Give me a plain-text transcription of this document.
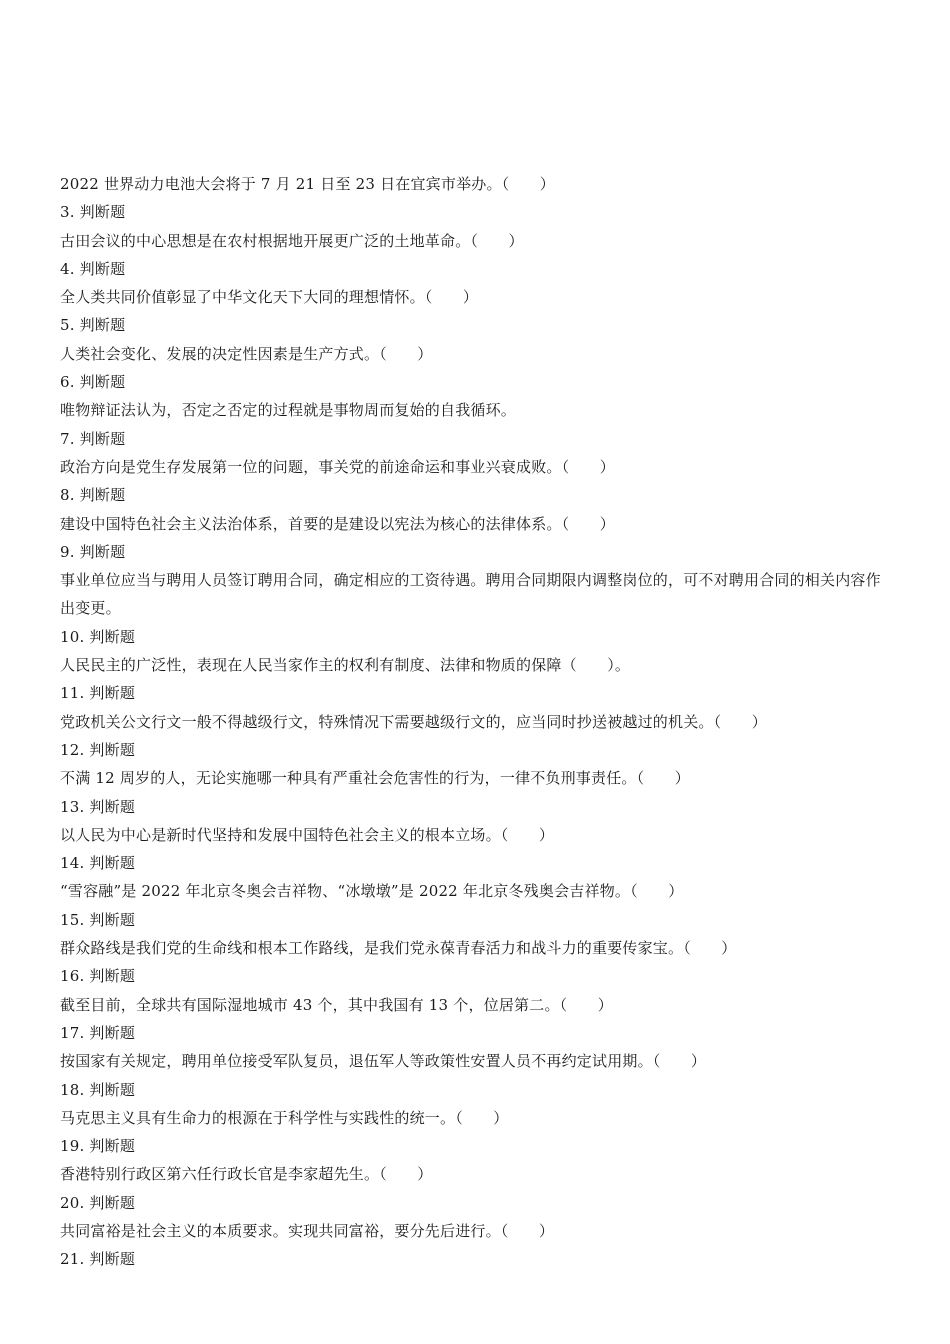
2022 世界动力电池大会将于 7 月 21 日至 23 日在宜宾市举办。（　　）
3. 判断题
古田会议的中心思想是在农村根据地开展更广泛的土地革命。（　　）
4. 判断题
全人类共同价值彰显了中华文化天下大同的理想情怀。（　　）
5. 判断题
人类社会变化、发展的决定性因素是生产方式。（　　）
6. 判断题
唯物辩证法认为，否定之否定的过程就是事物周而复始的自我循环。
7. 判断题
政治方向是党生存发展第一位的问题，事关党的前途命运和事业兴衰成败。（　　）
8. 判断题
建设中国特色社会主义法治体系，首要的是建设以宪法为核心的法律体系。（　　）
9. 判断题
事业单位应当与聘用人员签订聘用合同，确定相应的工资待遇。聘用合同期限内调整岗位的，可不对聘用合同的相关内容作出变更。
10. 判断题
人民民主的广泛性，表现在人民当家作主的权利有制度、法律和物质的保障（　　）。
11. 判断题
党政机关公文行文一般不得越级行文，特殊情况下需要越级行文的，应当同时抄送被越过的机关。（　　）
12. 判断题
不满 12 周岁的人，无论实施哪一种具有严重社会危害性的行为，一律不负刑事责任。（　　）
13. 判断题
以人民为中心是新时代坚持和发展中国特色社会主义的根本立场。（　　）
14. 判断题
“雪容融”是 2022 年北京冬奥会吉祥物、“冰墩墩”是 2022 年北京冬残奥会吉祥物。（　　）
15. 判断题
群众路线是我们党的生命线和根本工作路线，是我们党永葆青春活力和战斗力的重要传家宝。（　　）
16. 判断题
截至目前，全球共有国际湿地城市 43 个，其中我国有 13 个，位居第二。（　　）
17. 判断题
按国家有关规定，聘用单位接受军队复员，退伍军人等政策性安置人员不再约定试用期。（　　）
18. 判断题
马克思主义具有生命力的根源在于科学性与实践性的统一。（　　）
19. 判断题
香港特别行政区第六任行政长官是李家超先生。（　　）
20. 判断题
共同富裕是社会主义的本质要求。实现共同富裕，要分先后进行。（　　）
21. 判断题
